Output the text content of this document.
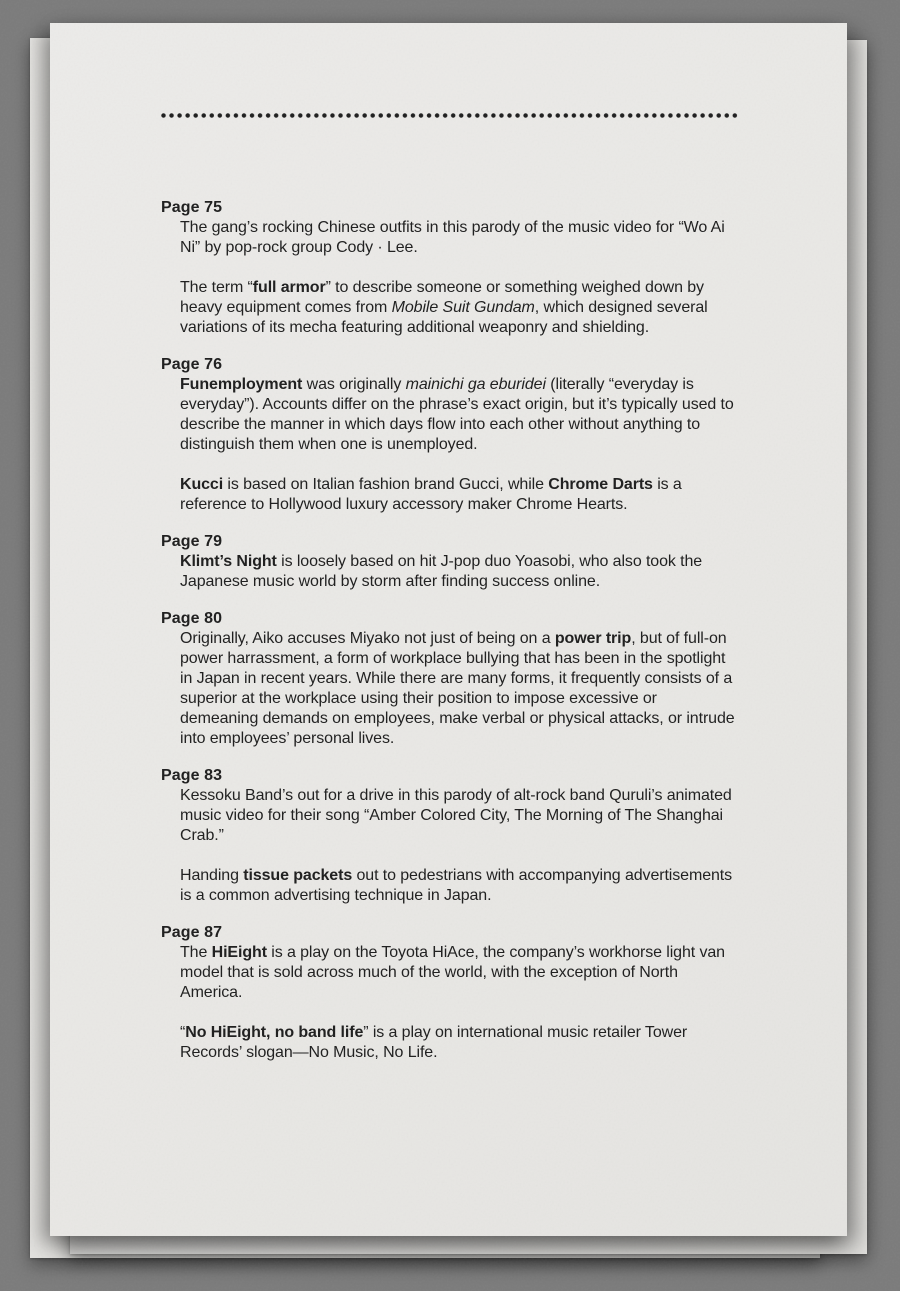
Page 75

The gang’s rocking Chinese outfits in this parody of the music video for “Wo Ai Ni” by pop-rock group Cody · Lee.

The term “full armor” to describe someone or something weighed down by heavy equipment comes from Mobile Suit Gundam, which designed several variations of its mecha featuring additional weaponry and shielding.

Page 76

Funemployment was originally mainichi ga eburidei (literally “everyday is everyday”). Accounts differ on the phrase’s exact origin, but it’s typically used to describe the manner in which days flow into each other without anything to distinguish them when one is unemployed.

Kucci is based on Italian fashion brand Gucci, while Chrome Darts is a reference to Hollywood luxury accessory maker Chrome Hearts.

Page 79

Klimt’s Night is loosely based on hit J-pop duo Yoasobi, who also took the Japanese music world by storm after finding success online.

Page 80

Originally, Aiko accuses Miyako not just of being on a power trip, but of full-on power harrassment, a form of workplace bullying that has been in the spotlight in Japan in recent years. While there are many forms, it frequently consists of a superior at the workplace using their position to impose excessive or demeaning demands on employees, make verbal or physical attacks, or intrude into employees’ personal lives.

Page 83

Kessoku Band’s out for a drive in this parody of alt-rock band Quruli’s animated music video for their song “Amber Colored City, The Morning of The Shanghai Crab.”

Handing tissue packets out to pedestrians with accompanying advertisements is a common advertising technique in Japan.

Page 87

The HiEight is a play on the Toyota HiAce, the company’s workhorse light van model that is sold across much of the world, with the exception of North America.

“No HiEight, no band life” is a play on international music retailer Tower Records’ slogan—No Music, No Life.
